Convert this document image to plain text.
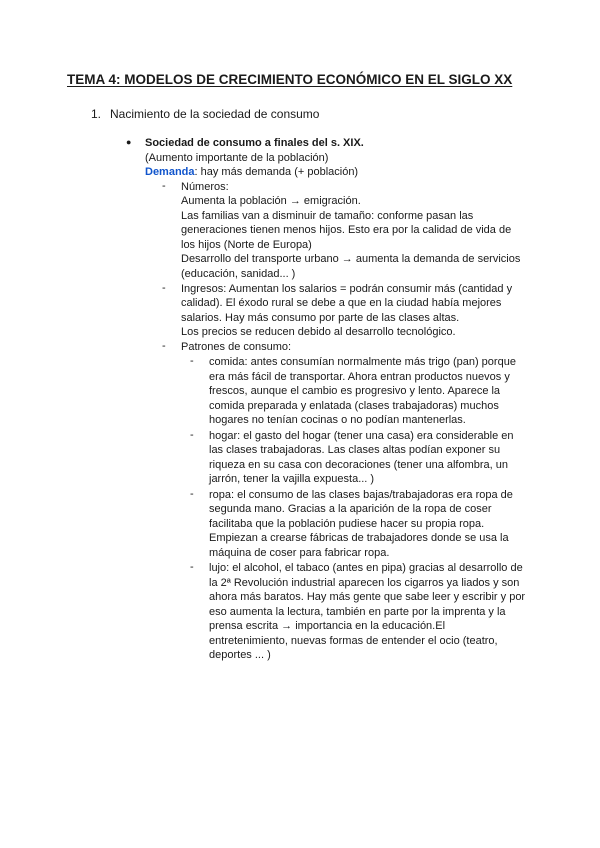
TEMA 4: MODELOS DE CRECIMIENTO ECONÓMICO EN EL SIGLO XX
1. Nacimiento de la sociedad de consumo
● Sociedad de consumo a finales del s. XIX.
(Aumento importante de la población)
Demanda: hay más demanda (+ población)
- Números:
Aumenta la población → emigración.
Las familias van a disminuir de tamaño: conforme pasan las
generaciones tienen menos hijos. Esto era por la calidad de vida de
los hijos (Norte de Europa)
Desarrollo del transporte urbano → aumenta la demanda de servicios
(educación, sanidad... )
- Ingresos: Aumentan los salarios = podrán consumir más (cantidad y
calidad). El éxodo rural se debe a que en la ciudad había mejores
salarios. Hay más consumo por parte de las clases altas.
Los precios se reducen debido al desarrollo tecnológico.
- Patrones de consumo:
- comida: antes consumían normalmente más trigo (pan) porque
era más fácil de transportar. Ahora entran productos nuevos y
frescos, aunque el cambio es progresivo y lento. Aparece la
comida preparada y enlatada (clases trabajadoras) muchos
hogares no tenían cocinas o no podían mantenerlas.
- hogar: el gasto del hogar (tener una casa) era considerable en
las clases trabajadoras. Las clases altas podían exponer su
riqueza en su casa con decoraciones (tener una alfombra, un
jarrón, tener la vajilla expuesta... )
- ropa: el consumo de las clases bajas/trabajadoras era ropa de
segunda mano. Gracias a la aparición de la ropa de coser
facilitaba que la población pudiese hacer su propia ropa.
Empiezan a crearse fábricas de trabajadores donde se usa la
máquina de coser para fabricar ropa.
- lujo: el alcohol, el tabaco (antes en pipa) gracias al desarrollo de
la 2ª Revolución industrial aparecen los cigarros ya liados y son
ahora más baratos. Hay más gente que sabe leer y escribir y por
eso aumenta la lectura, también en parte por la imprenta y la
prensa escrita → importancia en la educación.El
entretenimiento, nuevas formas de entender el ocio (teatro,
deportes ... )
